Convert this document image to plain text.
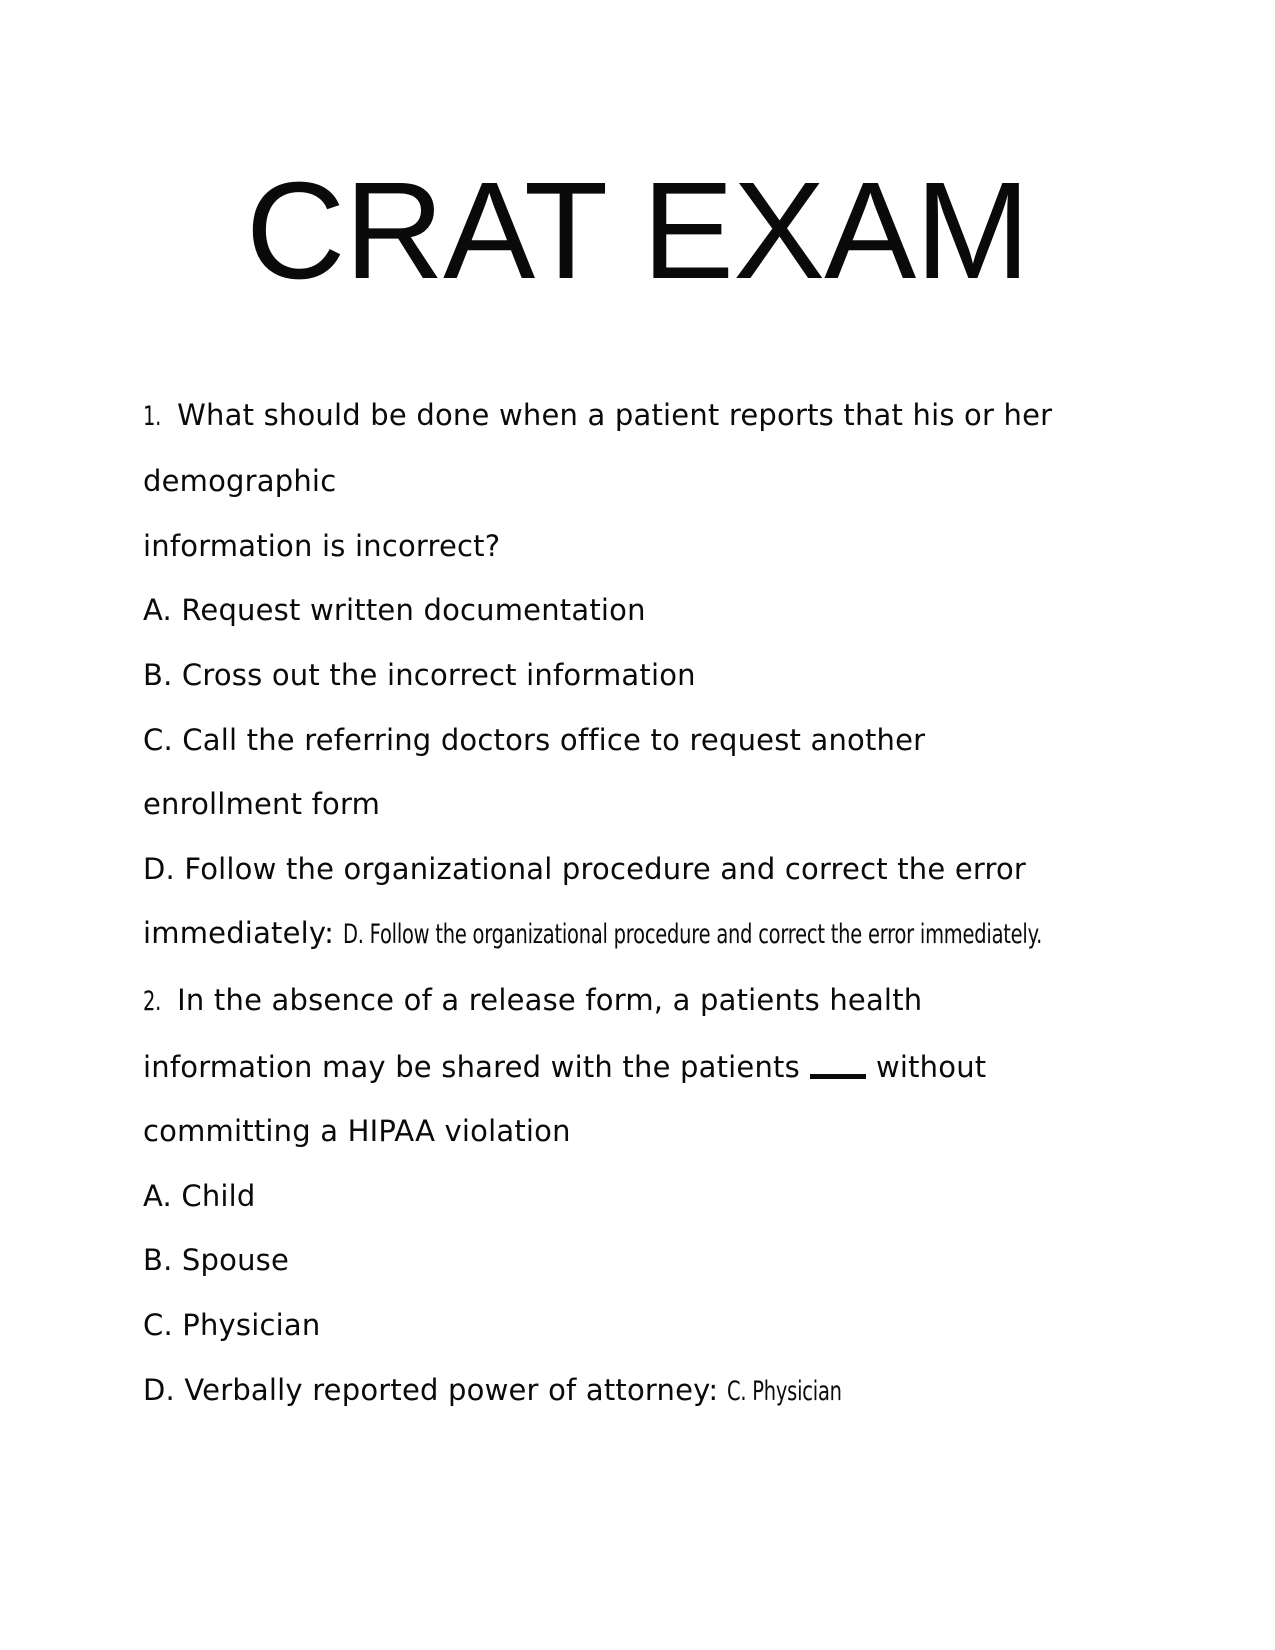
CRAT EXAM
1. What should be done when a patient reports that his or her
demographic
information is incorrect?
A. Request written documentation
B. Cross out the incorrect information
C. Call the referring doctors office to request another
enrollment form
D. Follow the organizational procedure and correct the error
immediately: D. Follow the organizational procedure and correct the error immediately.
2. In the absence of a release form, a patients health
information may be shared with the patients	without
committing a HIPAA violation
A. Child
B. Spouse
C. Physician
D. Verbally reported power of attorney: C. Physician
